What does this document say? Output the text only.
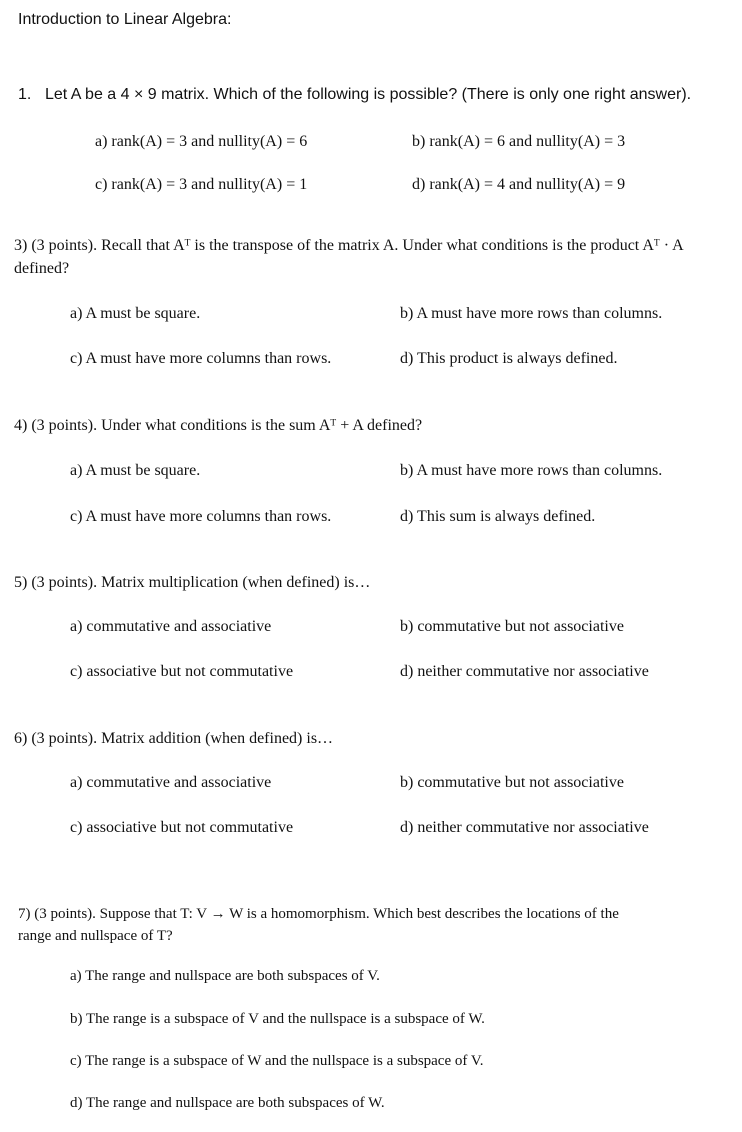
Introduction to Linear Algebra:
1. Let A be a 4 × 9 matrix. Which of the following is possible? (There is only one right answer).
a) rank(A) = 3 and nullity(A) = 6	b) rank(A) = 6 and nullity(A) = 3
c) rank(A) = 3 and nullity(A) = 1	d) rank(A) = 4 and nullity(A) = 9
3) (3 points). Recall that Aᵀ is the transpose of the matrix A. Under what conditions is the product Aᵀ · A
defined?
a) A must be square.	b) A must have more rows than columns.
c) A must have more columns than rows.	d) This product is always defined.
4) (3 points). Under what conditions is the sum Aᵀ + A defined?
a) A must be square.	b) A must have more rows than columns.
c) A must have more columns than rows.	d) This sum is always defined.
5) (3 points). Matrix multiplication (when defined) is…
a) commutative and associative	b) commutative but not associative
c) associative but not commutative	d) neither commutative nor associative
6) (3 points). Matrix addition (when defined) is…
a) commutative and associative	b) commutative but not associative
c) associative but not commutative	d) neither commutative nor associative
7) (3 points). Suppose that T: V → W is a homomorphism. Which best describes the locations of the
range and nullspace of T?
a) The range and nullspace are both subspaces of V.
b) The range is a subspace of V and the nullspace is a subspace of W.
c) The range is a subspace of W and the nullspace is a subspace of V.
d) The range and nullspace are both subspaces of W.
